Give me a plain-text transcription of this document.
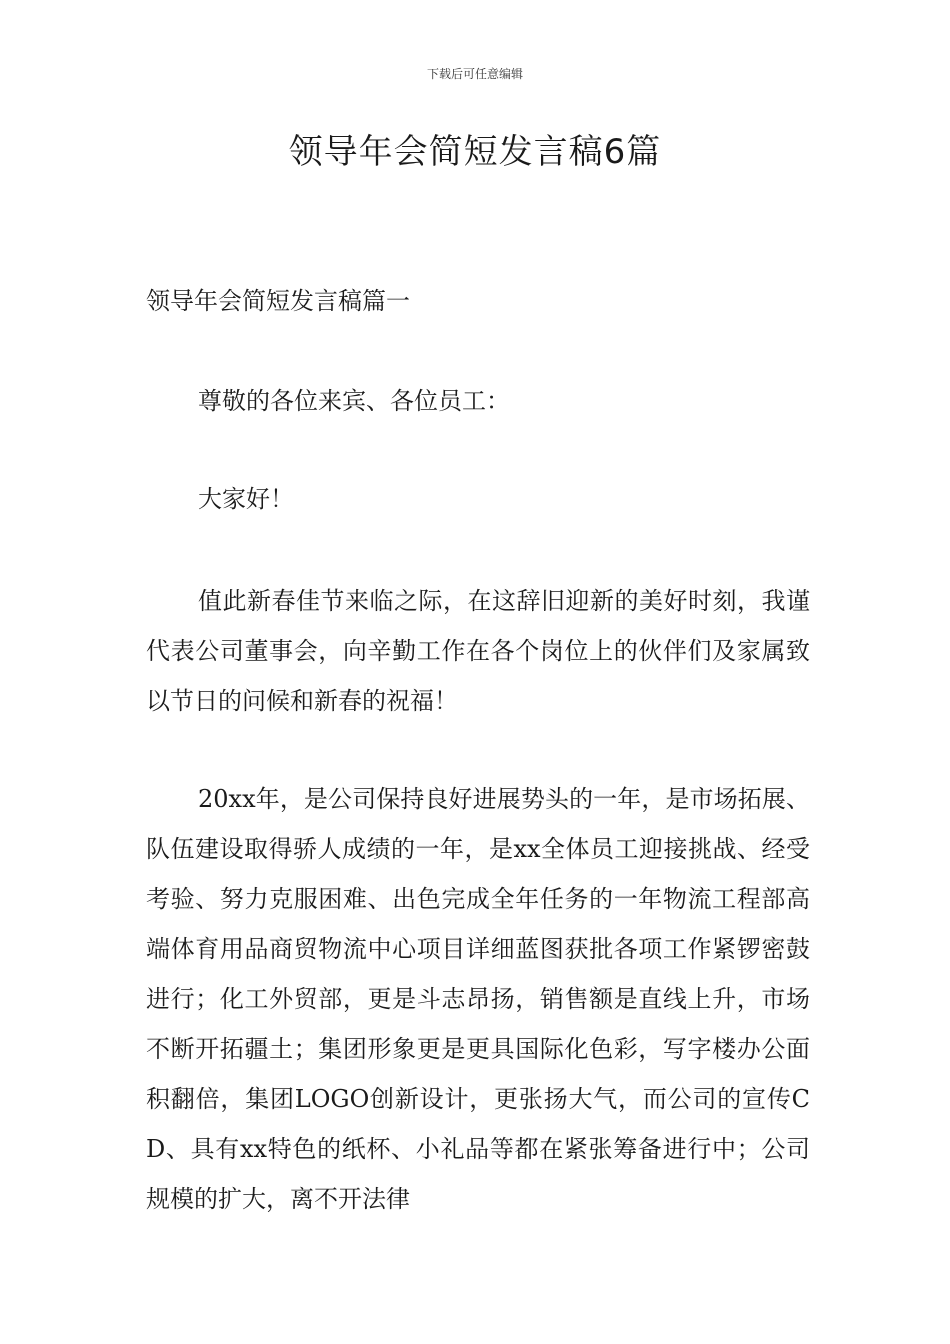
下载后可任意编辑
领导年会简短发言稿6篇
领导年会简短发言稿篇一

尊敬的各位来宾、各位员工：

大家好！

值此新春佳节来临之际，在这辞旧迎新的美好时刻，我谨代表公司董事会，向辛勤工作在各个岗位上的伙伴们及家属致以节日的问候和新春的祝福！

20xx年，是公司保持良好进展势头的一年，是市场拓展、队伍建设取得骄人成绩的一年，是xx全体员工迎接挑战、经受考验、努力克服困难、出色完成全年任务的一年物流工程部高端体育用品商贸物流中心项目详细蓝图获批各项工作紧锣密鼓进行；化工外贸部，更是斗志昂扬，销售额是直线上升，市场不断开拓疆土；集团形象更是更具国际化色彩，写字楼办公面积翻倍，集团LOGO创新设计，更张扬大气，而公司的宣传CD、具有xx特色的纸杯、小礼品等都在紧张筹备进行中；公司规模的扩大，离不开法律
